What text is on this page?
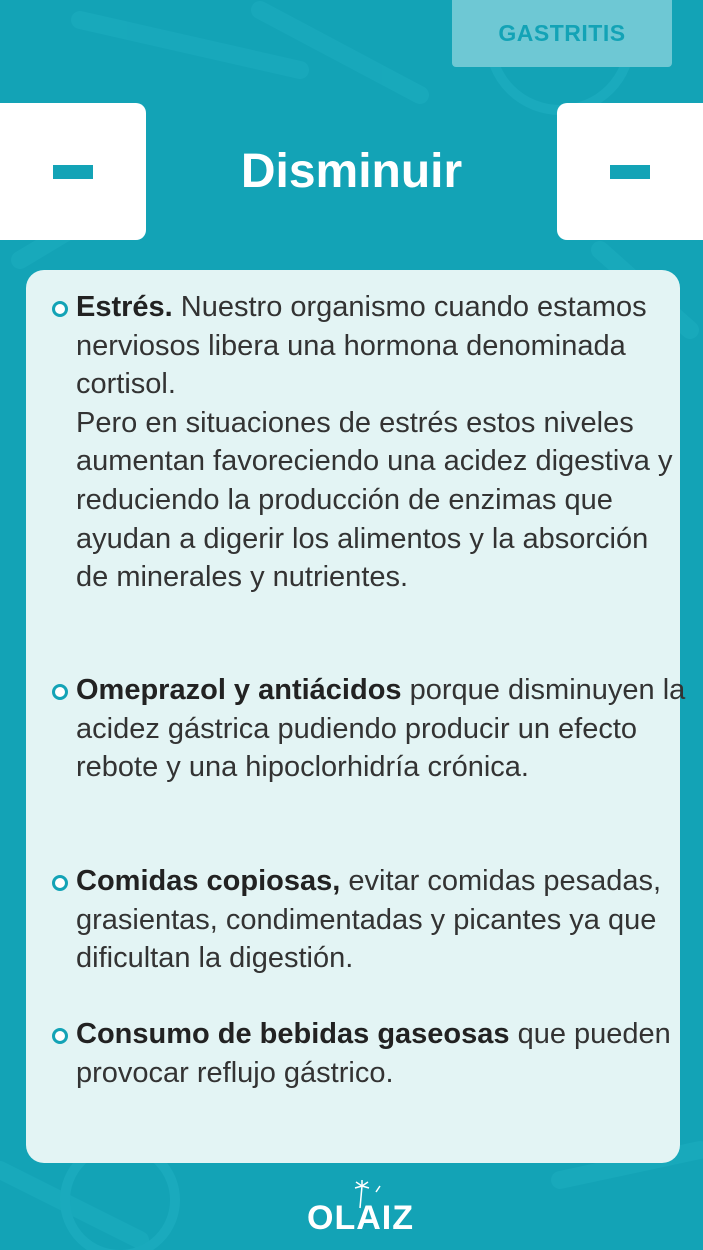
GASTRITIS
Disminuir

Estrés. Nuestro organismo cuando estamos nerviosos libera una hormona denominada cortisol.

Pero en situaciones de estrés estos niveles aumentan favoreciendo una acidez digestiva y reduciendo la producción de enzimas que ayudan a digerir los alimentos y la absorción de minerales y nutrientes.

Omeprazol y antiácidos porque disminuyen la acidez gástrica pudiendo producir un efecto rebote y una hipoclorhidría crónica.

Comidas copiosas, evitar comidas pesadas, grasientas, condimentadas y picantes ya que dificultan la digestión.

Consumo de bebidas gaseosas que pueden provocar reflujo gástrico.

OLAIZ
